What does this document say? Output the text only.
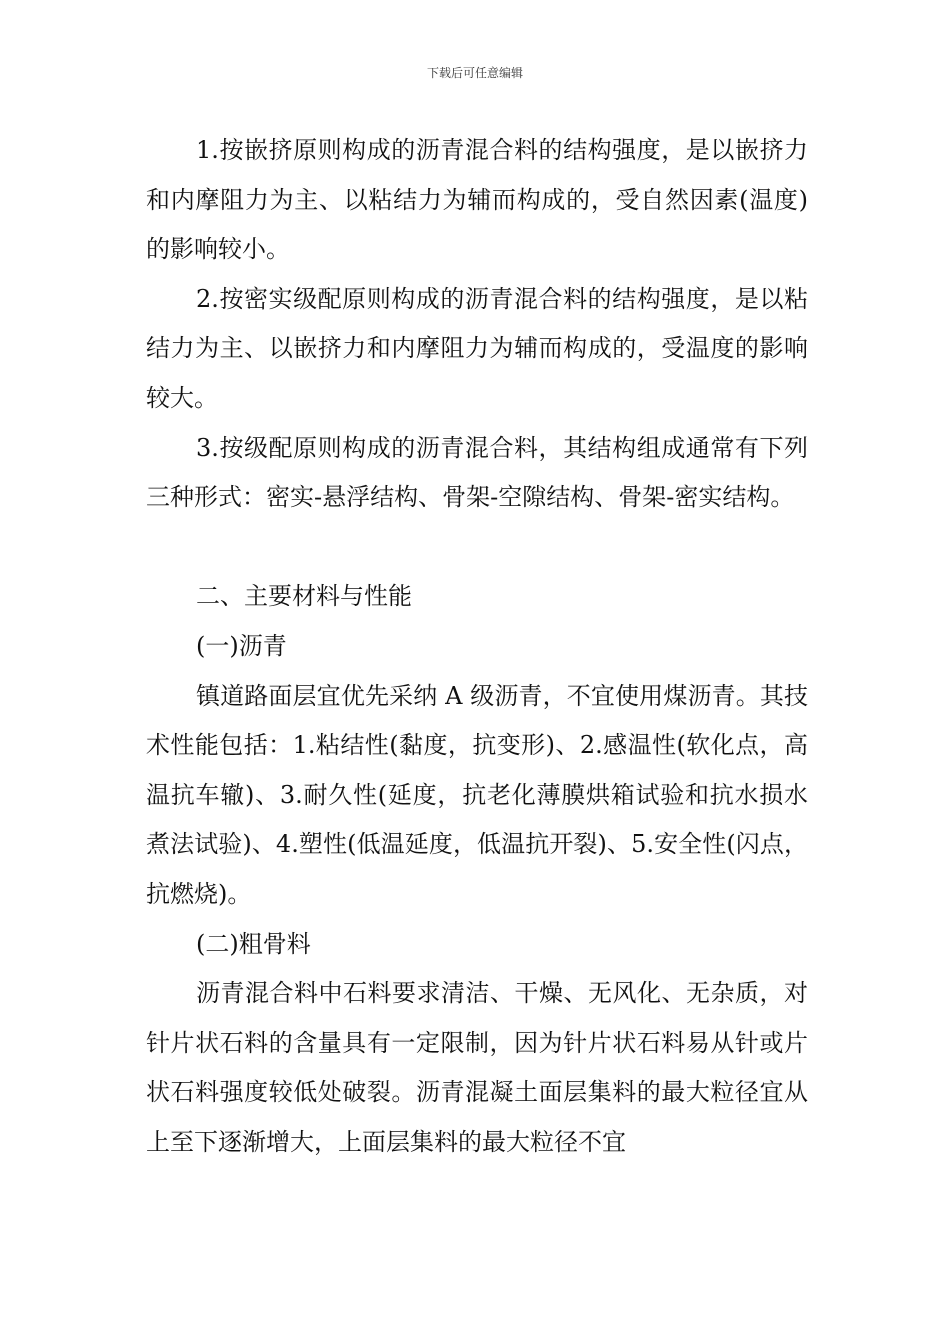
下载后可任意编辑

1.按嵌挤原则构成的沥青混合料的结构强度，是以嵌挤力和内摩阻力为主、以粘结力为辅而构成的，受自然因素(温度)的影响较小。

2.按密实级配原则构成的沥青混合料的结构强度，是以粘结力为主、以嵌挤力和内摩阻力为辅而构成的，受温度的影响较大。

3.按级配原则构成的沥青混合料，其结构组成通常有下列三种形式：密实-悬浮结构、骨架-空隙结构、骨架-密实结构。

二、主要材料与性能

(一)沥青

镇道路面层宜优先采纳 A 级沥青，不宜使用煤沥青。其技术性能包括：1.粘结性(黏度，抗变形)、2.感温性(软化点，高温抗车辙)、3.耐久性(延度，抗老化薄膜烘箱试验和抗水损水煮法试验)、4.塑性(低温延度，低温抗开裂)、5.安全性(闪点，抗燃烧)。

(二)粗骨料

沥青混合料中石料要求清洁、干燥、无风化、无杂质，对针片状石料的含量具有一定限制，因为针片状石料易从针或片状石料强度较低处破裂。沥青混凝土面层集料的最大粒径宜从上至下逐渐增大，上面层集料的最大粒径不宜
